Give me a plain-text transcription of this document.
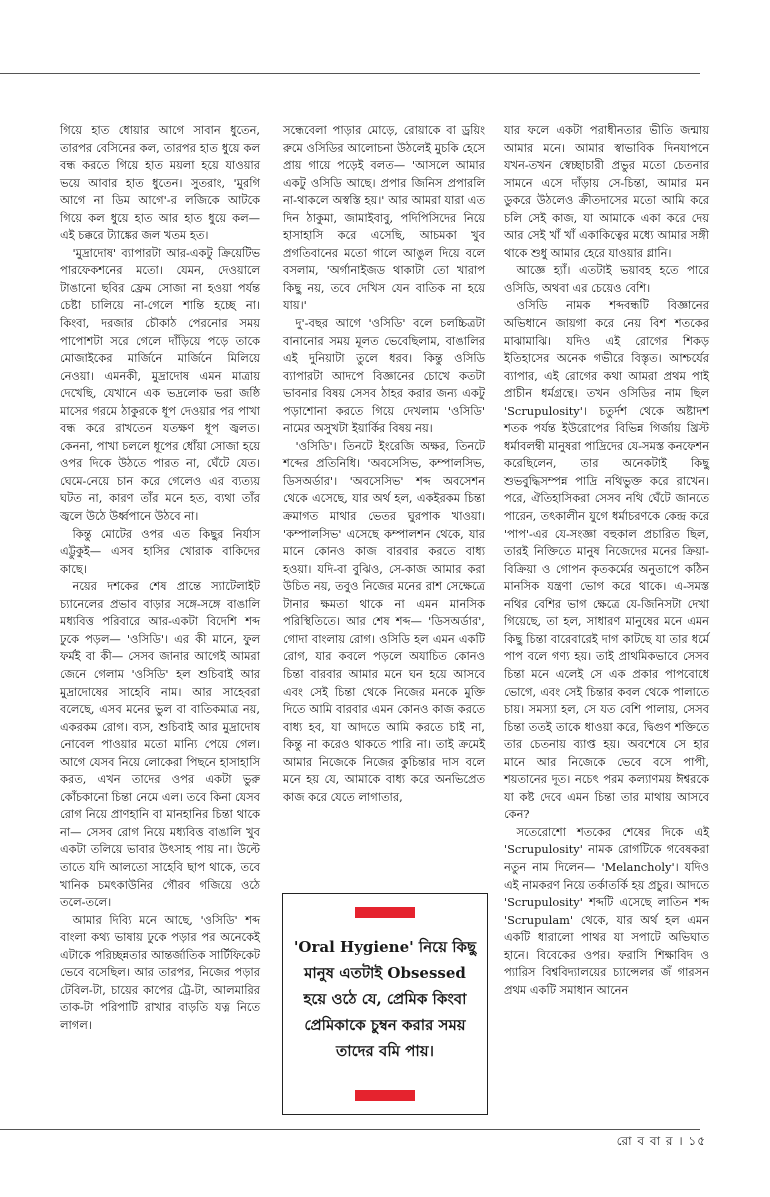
গিয়ে হাত ধোয়ার আগে সাবান ধুতেন, তারপর বেসিনের কল, তারপর হাত ধুয়ে কল বন্ধ করতে গিয়ে হাত ময়লা হয়ে যাওয়ার ভয়ে আবার হাত ধুতেন। সুতরাং, 'মুরগি আগে না ডিম আগে'-র লজিকে আটকে গিয়ে কল ধুয়ে হাত আর হাত ধুয়ে কল— এই চক্করে ট্যাঙ্কের জল খতম হত।

'মুদ্রাদোষ' ব্যাপারটা আর-একটু ক্রিয়েটিভ পারফেকশনের মতো। যেমন, দেওয়ালে টাঙানো ছবির ফ্রেম সোজা না হওয়া পর্যন্ত চেষ্টা চালিয়ে না-গেলে শান্তি হচ্ছে না। কিংবা, দরজার চৌকাঠ পেরনোর সময় পাপোশটা সরে গেলে দাঁড়িয়ে পড়ে তাকে মোজাইকের মার্জিনে মার্জিনে মিলিয়ে নেওয়া। এমনকী, মুদ্রাদোষ এমন মাত্রায় দেখেছি, যেখানে এক ভদ্রলোক ভরা জষ্ঠি মাসের গরমে ঠাকুরকে ধূপ দেওয়ার পর পাখা বন্ধ করে রাখতেন যতক্ষণ ধূপ জ্বলত। কেননা, পাখা চললে ধূপের ধোঁয়া সোজা হয়ে ওপর দিকে উঠতে পারত না, ঘেঁটে যেত। ঘেমে-নেয়ে চান করে গেলেও এর ব্যত্যয় ঘটত না, কারণ তাঁর মনে হত, ব্যথা তাঁর জ্বলে উঠে উর্ধ্বপানে উঠবে না।

কিন্তু মোটের ওপর এত কিছুর নির্যাস এট্টুকুই— এসব হাসির খোরাক বাকিদের কাছে।

নয়ের দশকের শেষ প্রান্তে স্যাটেলাইট চ্যানেলের প্রভাব বাড়ার সঙ্গে-সঙ্গে বাঙালি মধ্যবিত্ত পরিবারে আর-একটা বিদেশি শব্দ ঢুকে পড়ল— 'ওসিডি'। এর কী মানে, ফুল ফর্মই বা কী— সেসব জানার আগেই আমরা জেনে গেলাম 'ওসিডি' হল শুচিবাই আর মুদ্রাদোষের সাহেবি নাম। আর সাহেবরা বলেছে, এসব মনের ভুল বা বাতিকমাত্র নয়, একরকম রোগ। ব্যস, শুচিবাই আর মুদ্রাদোষ নোবেল পাওয়ার মতো মান্যি পেয়ে গেল। আগে যেসব নিয়ে লোকেরা পিছনে হাসাহাসি করত, এখন তাদের ওপর একটা ভুরু কোঁচকানো চিন্তা নেমে এল। তবে কিনা যেসব রোগ নিয়ে প্রাণহানি বা মানহানির চিন্তা থাকে না— সেসব রোগ নিয়ে মধ্যবিত্ত বাঙালি খুব একটা তলিয়ে ভাবার উৎসাহ পায় না। উল্টে তাতে যদি আলতো সাহেবি ছাপ থাকে, তবে খানিক চমৎকাউনির গৌরব গজিয়ে ওঠে তলে-তলে।

আমার দিব্যি মনে আছে, 'ওসিডি' শব্দ বাংলা কথ্য ভাষায় ঢুকে পড়ার পর অনেকেই এটাকে পরিচ্ছন্নতার আন্তর্জাতিক সার্টিফিকেট ভেবে বসেছিল। আর তারপর, নিজের পড়ার টেবিল-টা, চায়ের কাপের ট্রে-টা, আলমারির তাক-টা পরিপাটি রাখার বাড়তি যত্ন নিতে লাগল।

সন্ধেবেলা পাড়ার মোড়ে, রোয়াকে বা ড্রয়িং রুমে ওসিডির আলোচনা উঠলেই মুচকি হেসে প্রায় গায়ে পড়েই বলত— 'আসলে আমার একটু ওসিডি আছে। প্রপার জিনিস প্রপারলি না-থাকলে অস্বস্তি হয়।' আর আমরা যারা এত দিন ঠাকুমা, জামাইবাবু, পদিপিসিদের নিয়ে হাসাহাসি করে এসেছি, আচমকা খুব প্রগতিবানের মতো গালে আঙুল দিয়ে বলে বসলাম, 'অর্গানাইজড থাকাটা তো খারাপ কিছু নয়, তবে দেখিস যেন বাতিক না হয়ে যায়।'

দু'-বছর আগে 'ওসিডি' বলে চলচ্চিত্রটা বানানোর সময় মূলত ভেবেছিলাম, বাঙালির এই দুনিয়াটা তুলে ধরব। কিন্তু ওসিডি ব্যাপারটা আদপে বিজ্ঞানের চোখে কতটা ভাবনার বিষয় সেসব ঠাহর করার জন্য একটু পড়াশোনা করতে গিয়ে দেখলাম 'ওসিডি' নামের অসুখটা ইয়ার্কির বিষয় নয়।

'ওসিডি'। তিনটে ইংরেজি অক্ষর, তিনটে শব্দের প্রতিনিধি। 'অবসেসিভ, কম্পালসিভ, ডিসঅর্ডার'। 'অবসেসিভ' শব্দ অবসেশন থেকে এসেছে, যার অর্থ হল, একইরকম চিন্তা ক্রমাগত মাথার ভেতর ঘুরপাক খাওয়া। 'কম্পালসিভ' এসেছে কম্পালশন থেকে, যার মানে কোনও কাজ বারবার করতে বাধ্য হওয়া। যদি-বা বুঝিও, সে-কাজ আমার করা উচিত নয়, তবুও নিজের মনের রাশ সেক্ষেত্রে টানার ক্ষমতা থাকে না এমন মানসিক পরিস্থিতিতে। আর শেষ শব্দ— 'ডিসঅর্ডার', গোদা বাংলায় রোগ। ওসিডি হল এমন একটি রোগ, যার কবলে পড়লে অযাচিত কোনও চিন্তা বারবার আমার মনে ঘন হয়ে আসবে এবং সেই চিন্তা থেকে নিজের মনকে মুক্তি দিতে আমি বারবার এমন কোনও কাজ করতে বাধ্য হব, যা আদতে আমি করতে চাই না, কিন্তু না করেও থাকতে পারি না। তাই ক্রমেই আমার নিজেকে নিজের কুচিন্তার দাস বলে মনে হয় যে, আমাকে বাধ্য করে অনভিপ্রেত কাজ করে যেতে লাগাতার,

'Oral Hygiene' নিয়ে কিছু মানুষ এতটাই Obsessed হয়ে ওঠে যে, প্রেমিক কিংবা প্রেমিকাকে চুম্বন করার সময় তাদের বমি পায়।

যার ফলে একটা পরাধীনতার ভীতি জন্মায় আমার মনে। আমার স্বাভাবিক দিনযাপনে যখন-তখন স্বেচ্ছাচারী প্রভুর মতো চেতনার সামনে এসে দাঁড়ায় সে-চিন্তা, আমার মন ডুকরে উঠলেও ক্রীতদাসের মতো আমি করে চলি সেই কাজ, যা আমাকে একা করে দেয় আর সেই খাঁ খাঁ একাকিত্বের মধ্যে আমার সঙ্গী থাকে শুধু আমার হেরে যাওয়ার গ্লানি।

আজ্ঞে হ্যাঁ। এতটাই ভয়াবহ হতে পারে ওসিডি, অথবা এর চেয়েও বেশি।

ওসিডি নামক শব্দবন্ধটি বিজ্ঞানের অভিধানে জায়গা করে নেয় বিশ শতকের মাঝামাঝি। যদিও এই রোগের শিকড় ইতিহাসের অনেক গভীরে বিস্তৃত। আশ্চর্যের ব্যাপার, এই রোগের কথা আমরা প্রথম পাই প্রাচীন ধর্মগ্রন্থে। তখন ওসিডির নাম ছিল 'Scrupulosity'। চতুর্দশ থেকে অষ্টাদশ শতক পর্যন্ত ইউরোপের বিভিন্ন গির্জায় খ্রিস্ট ধর্মাবলম্বী মানুষরা পাদ্রিদের যে-সমস্ত কনফেশন করেছিলেন, তার অনেকটাই কিছু শুভবুদ্ধিসম্পন্ন পাদ্রি নথিভুক্ত করে রাখেন। পরে, ঐতিহাসিকরা সেসব নথি ঘেঁটে জানতে পারেন, তৎকালীন যুগে ধর্মাচরণকে কেন্দ্র করে 'পাপ'-এর যে-সংজ্ঞা বহুকাল প্রচারিত ছিল, তারই নিক্তিতে মানুষ নিজেদের মনের ক্রিয়া-বিক্রিয়া ও গোপন কৃতকর্মের অনুতাপে কঠিন মানসিক যন্ত্রণা ভোগ করে থাকে। এ-সমস্ত নথির বেশির ভাগ ক্ষেত্রে যে-জিনিসটা দেখা গিয়েছে, তা হল, সাধারণ মানুষের মনে এমন কিছু চিন্তা বারেবারেই দাগ কাটছে যা তার ধর্মে পাপ বলে গণ্য হয়। তাই প্রাথমিকভাবে সেসব চিন্তা মনে এলেই সে এক প্রকার পাপবোধে ভোগে, এবং সেই চিন্তার কবল থেকে পালাতে চায়। সমস্যা হল, সে যত বেশি পালায়, সেসব চিন্তা ততই তাকে ধাওয়া করে, দ্বিগুণ শক্তিতে তার চেতনায় ব্যাপ্ত হয়। অবশেষে সে হার মানে আর নিজেকে ভেবে বসে পাপী, শয়তানের দূত। নচেৎ পরম কল্যাণময় ঈশ্বরকে যা কষ্ট দেবে এমন চিন্তা তার মাথায় আসবে কেন?

সতেরোশো শতকের শেষের দিকে এই 'Scrupulosity' নামক রোগটিকে গবেষকরা নতুন নাম দিলেন— 'Melancholy'। যদিও এই নামকরণ নিয়ে তর্কাতর্কি হয় প্রচুর। আদতে 'Scrupulosity' শব্দটি এসেছে লাতিন শব্দ 'Scrupulam' থেকে, যার অর্থ হল এমন একটি ধারালো পাথর যা সপাটে অভিঘাত হানে। বিবেকের ওপর। ফরাসি শিক্ষাবিদ ও প্যারিস বিশ্ববিদ্যালয়ের চ্যান্সেলর জঁ গারসন প্রথম একটি সমাধান আনেন

রো ব বা র । ১৫
